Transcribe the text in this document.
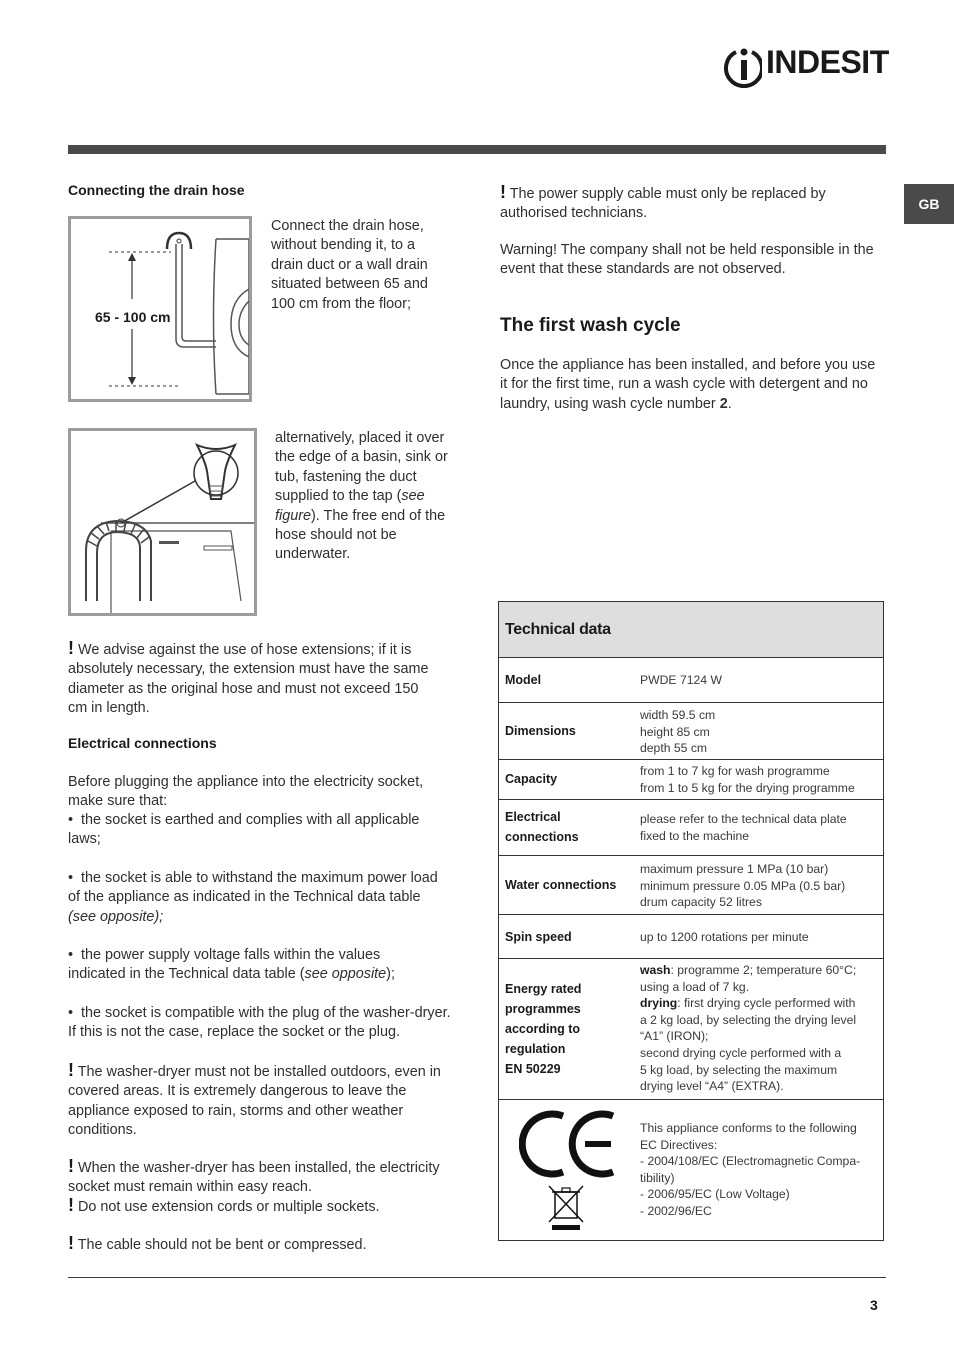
INDESIT
GB
Connecting the drain hose
65 - 100 cm
Connect the drain hose, without bending it, to a drain duct or a wall drain situated between 65 and 100 cm from the floor;
alternatively, placed it over the edge of a basin, sink or tub, fastening the duct supplied to the tap (see figure). The free end of the hose should not be underwater.
! We advise against the use of hose extensions; if it is absolutely necessary, the extension must have the same diameter as the original hose and must not exceed 150 cm in length.
Electrical connections
Before plugging the appliance into the electricity socket, make sure that:
•  the socket is earthed and complies with all applicable laws;
•  the socket is able to withstand the maximum power load of the appliance as indicated in the Technical data table (see opposite);
•  the power supply voltage falls within the values indicated in the Technical data table (see opposite);
•  the socket is compatible with the plug of the washer-dryer. If this is not the case, replace the socket or the plug.
! The washer-dryer must not be installed outdoors, even in covered areas. It is extremely dangerous to leave the appliance exposed to rain, storms and other weather conditions.
! When the washer-dryer has been installed, the electricity socket must remain within easy reach.
! Do not use extension cords or multiple sockets.
! The cable should not be bent or compressed.
! The power supply cable must only be replaced by authorised technicians.
Warning! The company shall not be held responsible in the event that these standards are not observed.
The first wash cycle
Once the appliance has been installed, and before you use it for the first time, run a wash cycle with detergent and no laundry, using wash cycle number 2.
Technical data
Model	PWDE 7124 W
Dimensions
width 59.5 cm
height 85 cm
depth 55 cm
Capacity
from 1 to 7 kg for wash programme
from 1 to 5 kg for the drying programme
Electrical
connections
please refer to the technical data plate
fixed to the machine
Water connections
maximum pressure 1 MPa (10 bar)
minimum pressure 0.05 MPa (0.5 bar)
drum capacity 52 litres
Spin speed	up to 1200 rotations per minute
Energy rated
programmes
according to
regulation
EN 50229
wash: programme 2; temperature 60°C;
using a load of 7 kg.
drying: first drying cycle performed with
a 2 kg load, by selecting the drying level
“A1” (IRON);
second drying cycle performed with a
5 kg load, by selecting the maximum
drying level “A4” (EXTRA).
This appliance conforms to the following
EC Directives:
- 2004/108/EC (Electromagnetic Compa-
tibility)
- 2006/95/EC (Low Voltage)
- 2002/96/EC
3
